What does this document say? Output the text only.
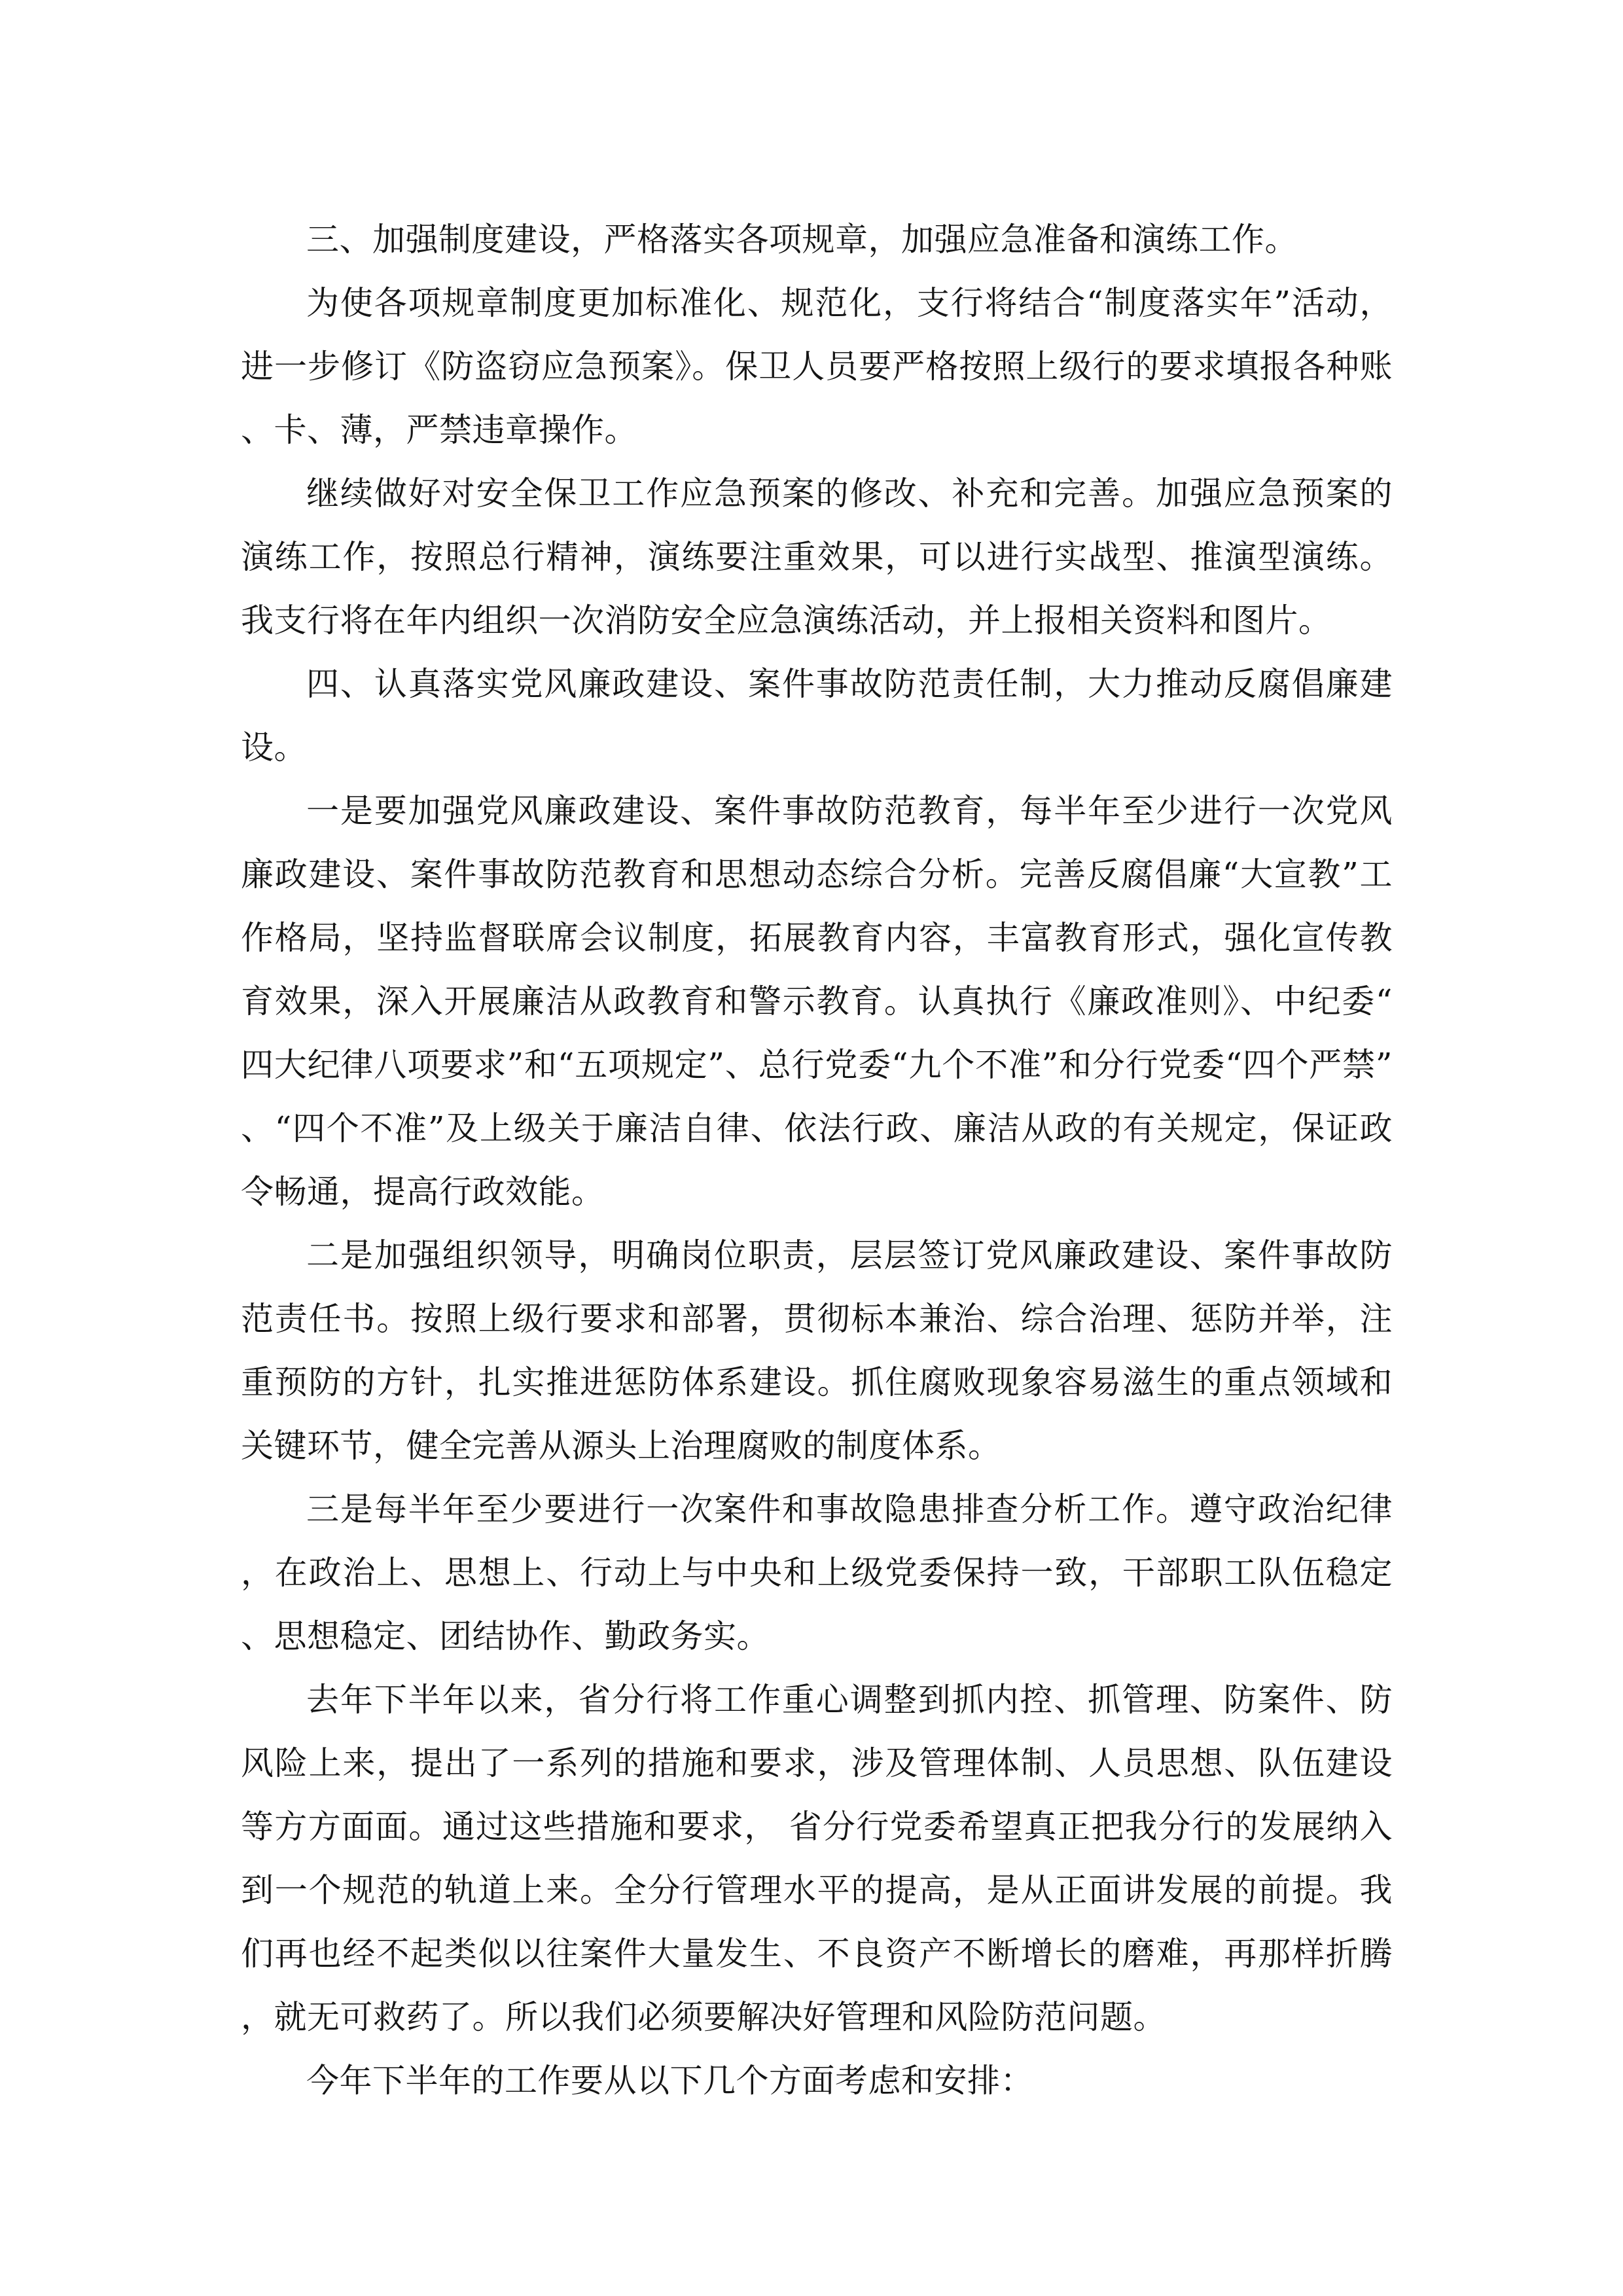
三、加强制度建设，严格落实各项规章，加强应急准备和演练工作。

为使各项规章制度更加标准化、规范化，支行将结合“制度落实年”活动，进一步修订《防盗窃应急预案》。保卫人员要严格按照上级行的要求填报各种账、卡、薄，严禁违章操作。

继续做好对安全保卫工作应急预案的修改、补充和完善。加强应急预案的演练工作，按照总行精神，演练要注重效果，可以进行实战型、推演型演练。我支行将在年内组织一次消防安全应急演练活动，并上报相关资料和图片。

四、认真落实党风廉政建设、案件事故防范责任制，大力推动反腐倡廉建设。

一是要加强党风廉政建设、案件事故防范教育，每半年至少进行一次党风廉政建设、案件事故防范教育和思想动态综合分析。完善反腐倡廉“大宣教”工作格局，坚持监督联席会议制度，拓展教育内容，丰富教育形式，强化宣传教育效果，深入开展廉洁从政教育和警示教育。认真执行《廉政准则》、中纪委“四大纪律八项要求”和“五项规定”、总行党委“九个不准”和分行党委“四个严禁”、“四个不准”及上级关于廉洁自律、依法行政、廉洁从政的有关规定，保证政令畅通，提高行政效能。

二是加强组织领导，明确岗位职责，层层签订党风廉政建设、案件事故防范责任书。按照上级行要求和部署，贯彻标本兼治、综合治理、惩防并举，注重预防的方针，扎实推进惩防体系建设。抓住腐败现象容易滋生的重点领域和关键环节，健全完善从源头上治理腐败的制度体系。

三是每半年至少要进行一次案件和事故隐患排查分析工作。遵守政治纪律，在政治上、思想上、行动上与中央和上级党委保持一致，干部职工队伍稳定、思想稳定、团结协作、勤政务实。

去年下半年以来，省分行将工作重心调整到抓内控、抓管理、防案件、防风险上来，提出了一系列的措施和要求，涉及管理体制、人员思想、队伍建设等方方面面。通过这些措施和要求， 省分行党委希望真正把我分行的发展纳入到一个规范的轨道上来。全分行管理水平的提高，是从正面讲发展的前提。我们再也经不起类似以往案件大量发生、不良资产不断增长的磨难，再那样折腾，就无可救药了。所以我们必须要解决好管理和风险防范问题。

今年下半年的工作要从以下几个方面考虑和安排：
